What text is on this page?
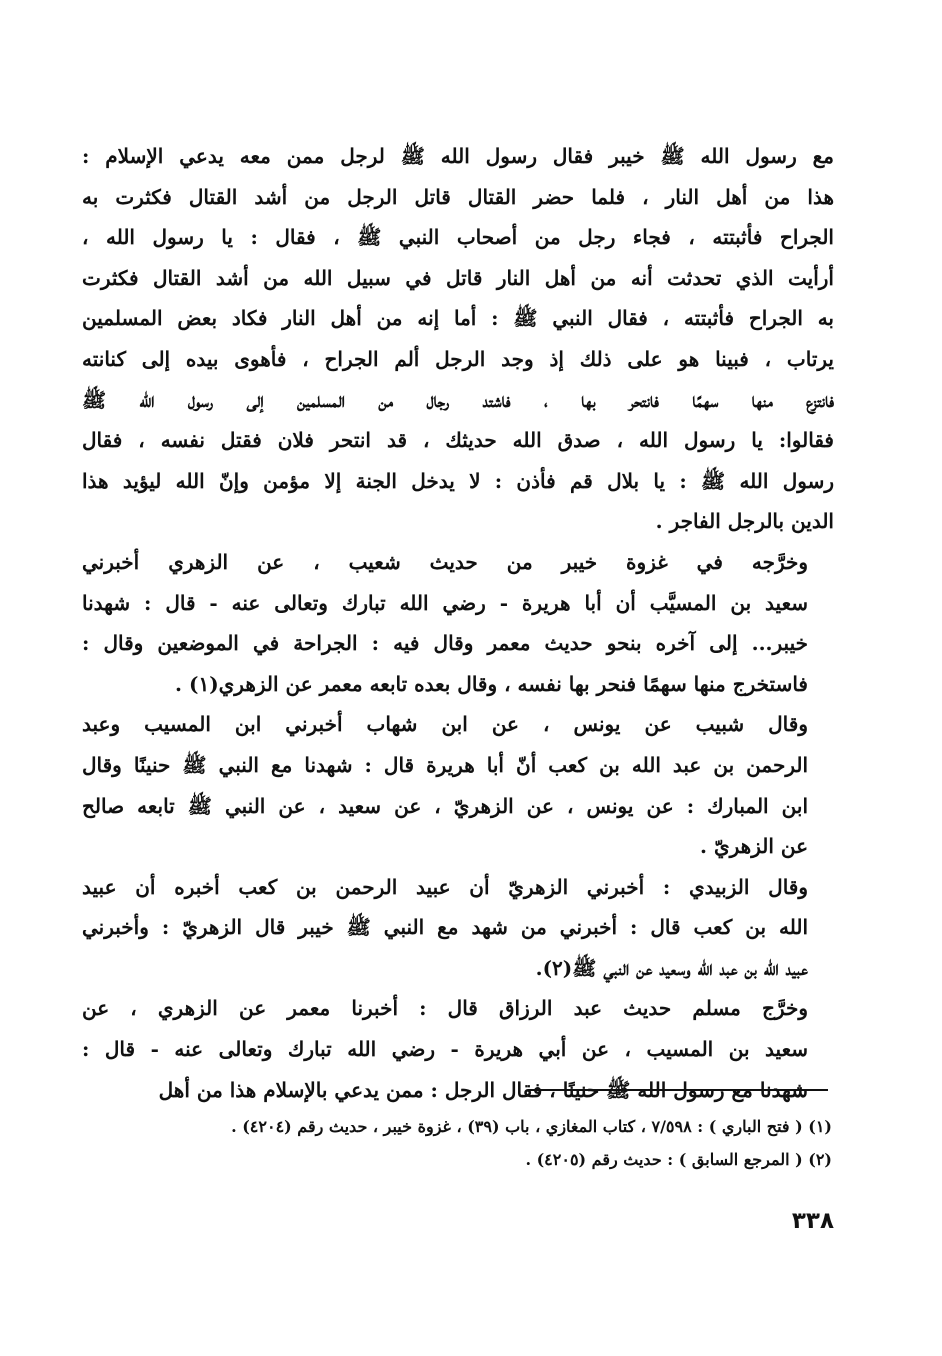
مع رسول الله ﷺ خيبر فقال رسول الله ﷺ لرجل ممن معه يدعي الإسلام :
هذا من أهل النار ، فلما حضر القتال قاتل الرجل من أشد القتال فكثرت به
الجراح فأثبتته ، فجاء رجل من أصحاب النبي ﷺ ، فقال : يا رسول الله ،
أرأيت الذي تحدثت أنه من أهل النار قاتل في سبيل الله من أشد القتال فكثرت
به الجراح فأثبتته ، فقال النبي ﷺ : أما إنه من أهل النار فكاد بعض المسلمين
يرتاب ، فبينا هو على ذلك إذ وجد الرجل ألم الجراح ، فأهوى بيده إلى كنانته
فانتزع منها سهمًا فانتحر بها ، فاشتد رجال من المسلمين إلى رسول الله ﷺ
فقالوا: يا رسول الله ، صدق الله حديثك ، قد انتحر فلان فقتل نفسه ، فقال
رسول الله ﷺ : يا بلال قم فأذن : لا يدخل الجنة إلا مؤمن وإنّ الله ليؤيد هذا
الدين بالرجل الفاجر .
وخرَّجه في غزوة خيبر من حديث شعيب ، عن الزهري أخبرني
سعيد بن المسيَّب أن أبا هريرة - رضي الله تبارك وتعالى عنه - قال : شهدنا
خيبر... إلى آخره بنحو حديث معمر وقال فيه : الجراحة في الموضعين وقال :
فاستخرج منها سهمًا فنحر بها نفسه ، وقال بعده تابعه معمر عن الزهري(١) .
وقال شبيب عن يونس ، عن ابن شهاب أخبرني ابن المسيب وعبد
الرحمن بن عبد الله بن كعب أنّ أبا هريرة قال : شهدنا مع النبي ﷺ حنينًا وقال
ابن المبارك : عن يونس ، عن الزهريّ ، عن سعيد ، عن النبي ﷺ تابعه صالح
عن الزهريّ .
وقال الزبيدي : أخبرني الزهريّ أن عبيد الرحمن بن كعب أخبره أن عبيد
الله بن كعب قال : أخبرني من شهد مع النبي ﷺ خيبر قال الزهريّ : وأخبرني
عبيد الله بن عبد الله وسعيد عن النبي ﷺ(٢).
وخرَّج مسلم حديث عبد الرزاق قال : أخبرنا معمر عن الزهري ، عن
سعيد بن المسيب ، عن أبي هريرة - رضي الله تبارك وتعالى عنه - قال :
شهدنا مع رسول الله ﷺ حنينًا ، فقال الرجل : ممن يدعي بالإسلام هذا من أهل
(١) ( فتح الباري ) : ٧/٥٩٨ ، كتاب المغازي ، باب (٣٩) ، غزوة خيبر ، حديث رقم (٤٢٠٤) .
(٢) ( المرجع السابق ) : حديث رقم (٤٢٠٥) .
٣٣٨
